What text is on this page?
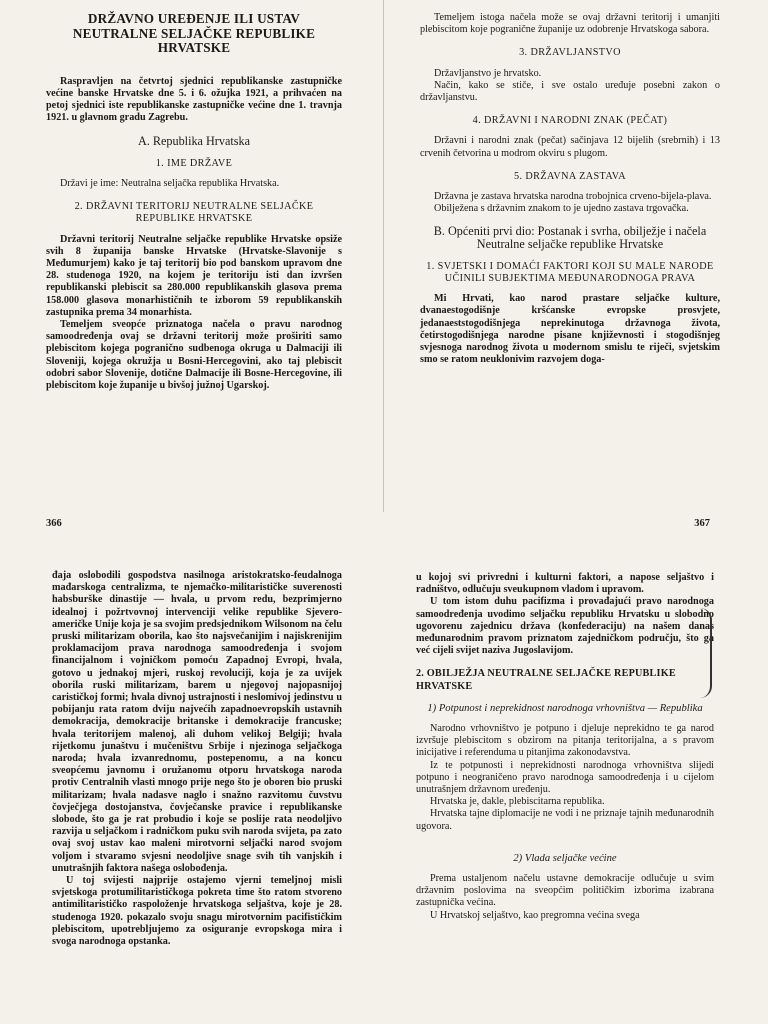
DRŽAVNO UREĐENJE ILI USTAV NEUTRALNE SELJAČKE REPUBLIKE HRVATSKE

Raspravljen na četvrtoj sjednici republikanske zastupničke većine banske Hrvatske dne 5. i 6. ožujka 1921, a prihvaćen na petoj sjednici iste republikanske zastupničke većine dne 1. travnja 1921. u glavnom gradu Zagrebu.

A. Republika Hrvatska
1. IME DRŽAVE

Državi je ime: Neutralna seljačka republika Hrvatska.

2. DRŽAVNI TERITORIJ NEUTRALNE SELJAČKE REPUBLIKE HRVATSKE

Državni teritorij Neutralne seljačke republike Hrvatske opsiže svih 8 županija banske Hrvatske (Hrvatske-Slavonije s Međumurjem) kako je taj teritorij bio pod banskom upravom dne 28. studenoga 1920, na kojem je teritoriju isti dan izvršen republikanski plebiscit sa 280.000 republikanskih glasova prema 158.000 glasova monarhističnih te izborom 59 republikanskih zastupnika prema 34 monarhista.

Temeljem sveopće priznatoga načela o pravu narodnog samoodređenja ovaj se državni teritorij može proširiti samo plebiscitom kojega pogranično sudbenoga okruga u Dalmaciji ili Sloveniji, kojega okružja u Bosni-Hercegovini, ako taj plebiscit odobri sabor Slovenije, dotične Dalmacije ili Bosne-Hercegovine, ili plebiscitom koje županije u bivšoj južnoj Ugarskoj.

366

Temeljem istoga načela može se ovaj državni teritorij i umanjiti plebiscitom koje pogranične županije uz odobrenje Hrvatskoga sabora.

3. DRŽAVLJANSTVO

Državljanstvo je hrvatsko.

Način, kako se stiče, i sve ostalo uređuje posebni zakon o državljanstvu.

4. DRŽAVNI I NARODNI ZNAK (PEČAT)

Državni i narodni znak (pečat) sačinjava 12 bijelih (srebrnih) i 13 crvenih četvorina u modrom okviru s plugom.

5. DRŽAVNA ZASTAVA

Državna je zastava hrvatska narodna trobojnica crveno-bijela-plava.

Obilježena s državnim znakom to je ujedno zastava trgovačka.

B. Općeniti prvi dio: Postanak i svrha, obilježje i načela Neutralne seljačke republike Hrvatske
1. SVJETSKI I DOMAĆI FAKTORI KOJI SU MALE NARODE UČINILI SUBJEKTIMA MEĐUNARODNOGA PRAVA

Mi Hrvati, kao narod prastare seljačke kulture, dvanaestogodišnje kršćanske evropske prosvjete, jedanaeststogodišnjega neprekinutoga državnoga života, četirstogodišnjega narodne pisane književnosti i stogodišnjeg svjesnoga narodnog života u modernom smislu te riječi, svjetskim smo se ratom neuklonivim razvojem doga-

367

đaja oslobodili gospodstva nasilnoga aristokratsko-feudalnoga mađarskoga centralizma, te njemačko-militarističke suverenosti habsburške dinastije — hvala, u prvom redu, bezprimjerno idealnoj i požrtvovnoj intervenciji velike republike Sjeverо-američke Unije koja je sa svojim predsjednikom Wilsonom na čelu pruski militarizam oborila, kao što najsvečanijim i najiskrenijim proklamacijom prava narodnoga samoodređenja i svojom financijalnom i vojničkom pomoću Zapadnoj Evropi, hvala, gotovo u jednakoj mjeri, ruskoj revoluciji, koja je za uvijek oborila ruski militarizam, barem u njegovoj najopasnijoj carističkoj formi; hvala divnoj ustrajnosti i neslomivoj jedinstvu u pobijanju rata ratom dviju najvećih zapadnoevropskih ustavnih demokracija, demokracije britanske i demokracije francuske; hvala teritorijem malenoj, ali duhom velikoj Belgiji; hvala rijetkomu junaštvu i mučeništvu Srbije i njezinoga seljačkoga naroda; hvala izvanrednomu, postepenomu, a na koncu sveopćemu javnomu i oružanomu otporu hrvatskoga naroda protiv Centralnih vlasti mnogo prije nego što je oboren bio pruski militarizam; hvala nadasve naglo i snažno razvitomu čuvstvu čovječjega dostojanstva, čovječanske pravice i republikanske slobode, što ga je rat probudio i koje se poslije rata neodoljivo razvija u seljačkom i radničkom puku svih naroda svijeta, pa zato ovaj svoj ustav kao maleni mirotvorni seljački narod svojom voljom i stvaramo svjesni neodoljive snage svih tih vanjskih i unutrašnjih faktora našega oslobođenja.

U toj svijesti najprije ostajemo vjerni temeljnoj misli svjetskoga protumilitarističkoga pokreta time što ratom stvoreno antimilitarističko raspoloženje hrvatskoga seljaštva, koje je 28. studenoga 1920. pokazalo svoju snagu mirotvornim pacifističkim plebiscitom, upotrebljujemo za osiguranje evropskoga mira i svoga narodnoga opstanka.

u kojoj svi privredni i kulturni faktori, a napose seljaštvo i radništvo, odlučuju sveukupnom vladom i upravom.

U tom istom duhu pacifizma i provađajući pravo narodnoga samoodređenja uvodimo seljačku republiku Hrvatsku u slobodno ugovorenu zajednicu država (konfederaciju) na našem danas međunarodnim pravom priznatom zajedničkom području, što ga već cijeli svijet naziva Jugoslavijom.

2. OBILJEŽJA NEUTRALNE SELJAČKE REPUBLIKE HRVATSKE
1) Potpunost i neprekidnost narodnoga vrhovništva — Republika

Narodno vrhovništvo je potpuno i djeluje neprekidno te ga narod izvršuje plebiscitom s obzirom na pitanja teritorijalna, a s pravom inicijative i referenduma u pitanjima zakonodavstva.

Iz te potpunosti i neprekidnosti narodnoga vrhovništva slijedi potpuno i neograničeno pravo narodnoga samoodređenja i u cijelom unutrašnjem državnom uređenju.

Hrvatska je, dakle, plebiscitarna republika.

Hrvatska tajne diplomacije ne vodi i ne priznaje tajnih međunarodnih ugovora.

2) Vlada seljačke većine

Prema ustaljenom načelu ustavne demokracije odlučuje u svim državnim poslovima na sveopćim političkim izborima izabrana zastupnička većina.

U Hrvatskoj seljaštvo, kao pregromna većina svega
